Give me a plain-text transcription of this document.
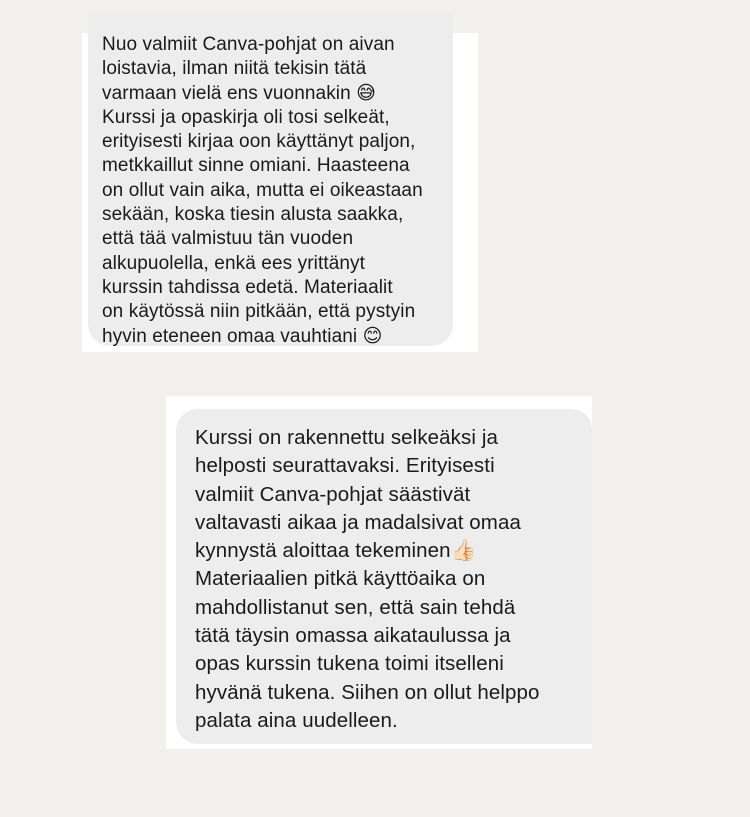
Nuo valmiit Canva-pohjat on aivan
loistavia, ilman niitä tekisin tätä
varmaan vielä ens vuonnakin 😅
Kurssi ja opaskirja oli tosi selkeät,
erityisesti kirjaa oon käyttänyt paljon,
metkkaillut sinne omiani. Haasteena
on ollut vain aika, mutta ei oikeastaan
sekään, koska tiesin alusta saakka,
että tää valmistuu tän vuoden
alkupuolella, enkä ees yrittänyt
kurssin tahdissa edetä. Materiaalit
on käytössä niin pitkään, että pystyin
hyvin eteneen omaa vauhtiani 😊

Kurssi on rakennettu selkeäksi ja
helposti seurattavaksi. Erityisesti
valmiit Canva-pohjat säästivät
valtavasti aikaa ja madalsivat omaa
kynnystä aloittaa tekeminen👍🏻
Materiaalien pitkä käyttöaika on
mahdollistanut sen, että sain tehdä
tätä täysin omassa aikataulussa ja
opas kurssin tukena toimi itselleni
hyvänä tukena. Siihen on ollut helppo
palata aina uudelleen.
